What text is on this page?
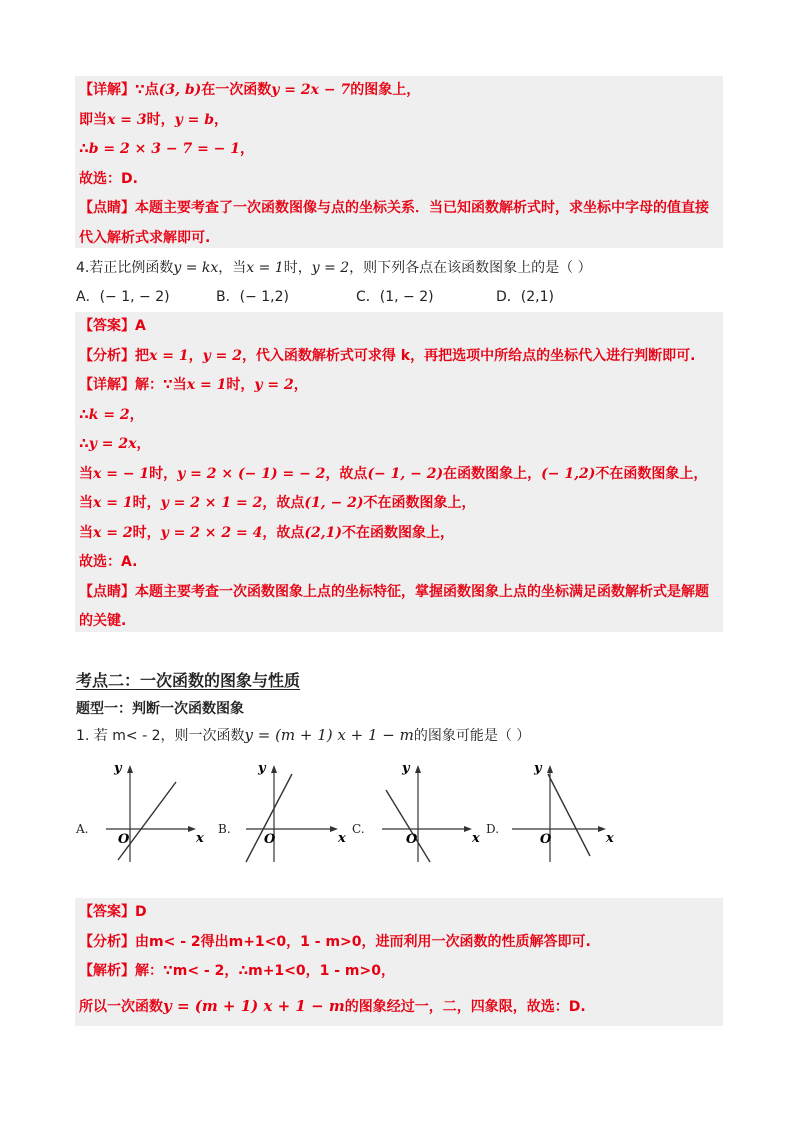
【详解】∵点(3, b)在一次函数y = 2x − 7的图象上，
即当x = 3时，y = b，
∴b = 2 × 3 − 7 = − 1，
故选：D.
【点睛】本题主要考查了一次函数图像与点的坐标关系．当已知函数解析式时，求坐标中字母的值直接
代入解析式求解即可.
4.若正比例函数y = kx，当x = 1时，y = 2，则下列各点在该函数图象上的是（ ）
A．(− 1, − 2)	B．(− 1,2)	C．(1, − 2)	D．(2,1)
【答案】A
【分析】把x = 1，y = 2，代入函数解析式可求得 k，再把选项中所给点的坐标代入进行判断即可.
【详解】解：∵当x = 1时，y = 2，
∴k = 2，
∴y = 2x，
当x = − 1时，y = 2 × (− 1) = − 2，故点(− 1, − 2)在函数图象上，(− 1,2)不在函数图象上，
当x = 1时，y = 2 × 1 = 2，故点(1, − 2)不在函数图象上，
当x = 2时，y = 2 × 2 = 4，故点(2,1)不在函数图象上，
故选：A.
【点睛】本题主要考查一次函数图象上点的坐标特征，掌握函数图象上点的坐标满足函数解析式是解题
的关键.
考点二：一次函数的图象与性质
题型一：判断一次函数图象
1. 若 m< - 2，则一次函数y = (m + 1) x + 1 − m的图象可能是（ ）
A.
y
O	x
B.
y
O	x
C.
y
O	x
D.
y
O	x
【答案】D
【分析】由m< - 2得出m+1<0，1 - m>0，进而利用一次函数的性质解答即可.
【解析】解：∵m< - 2，∴m+1<0，1 - m>0，
所以一次函数y = (m + 1) x + 1 − m的图象经过一，二，四象限，故选：D.
